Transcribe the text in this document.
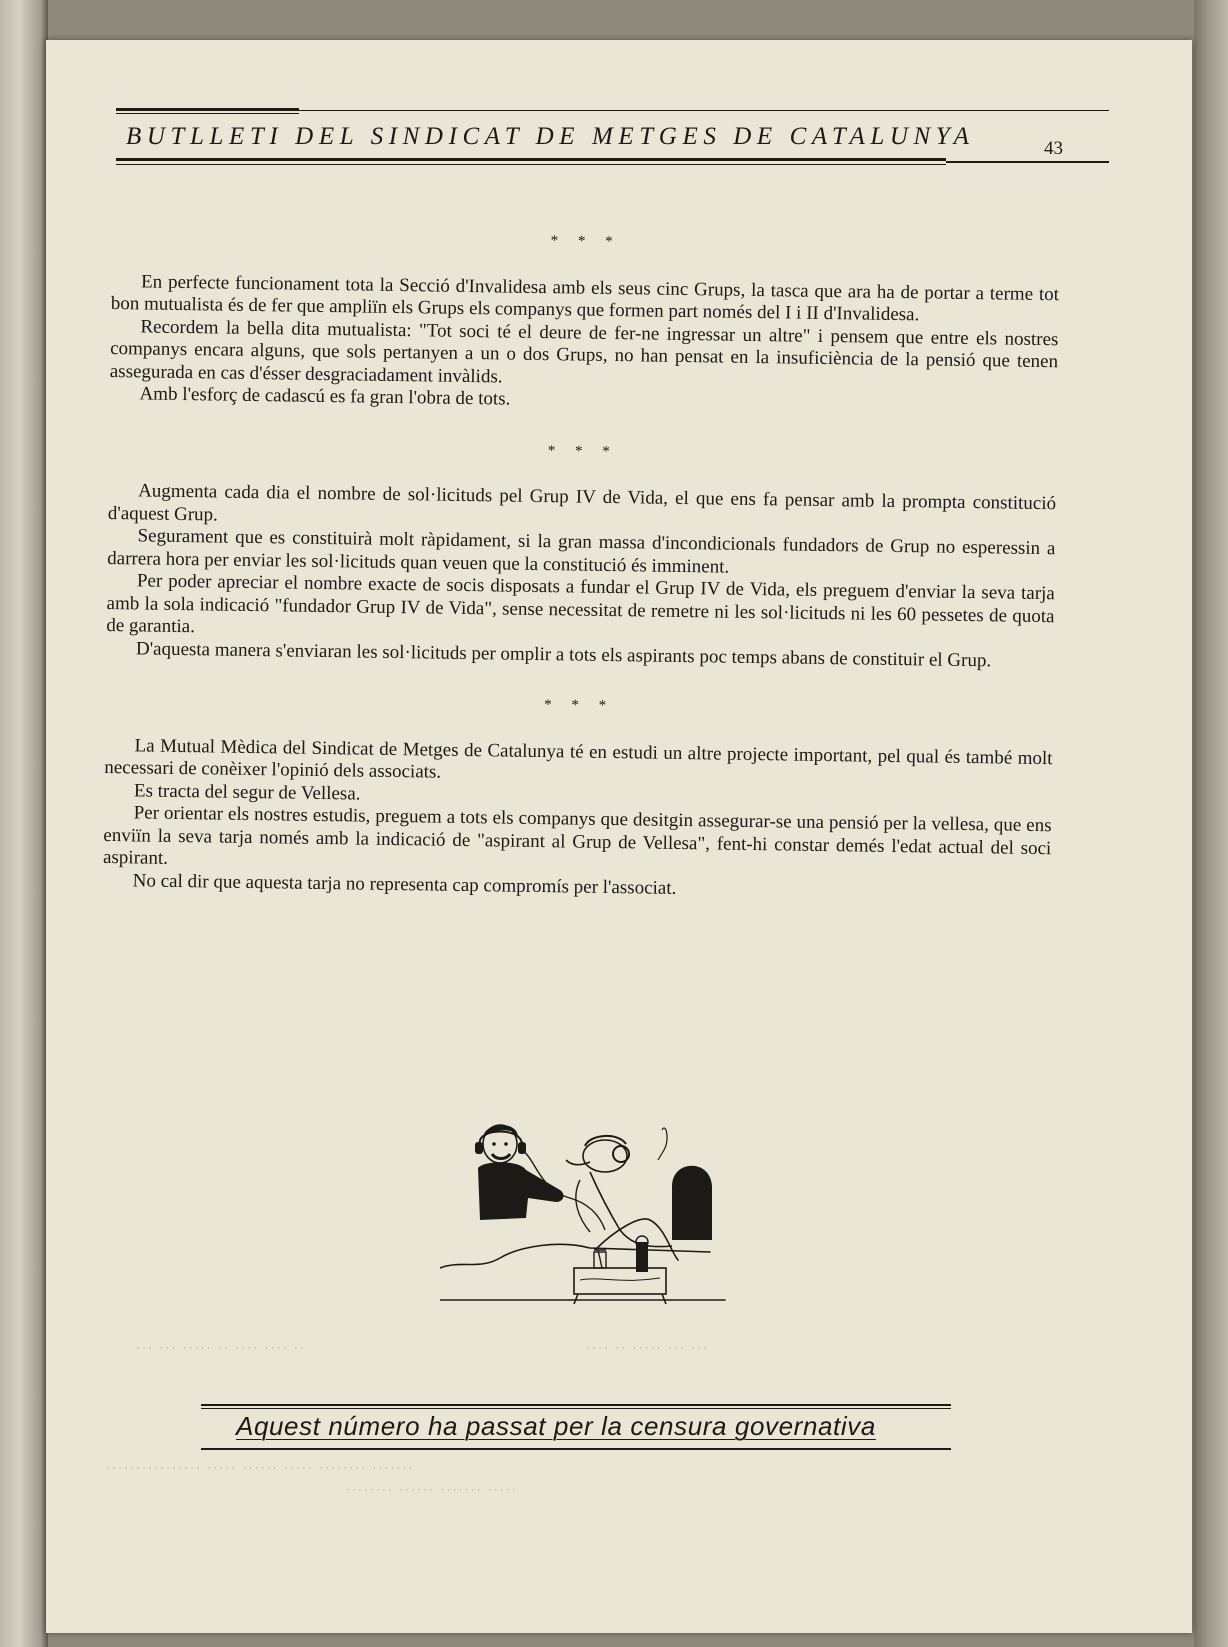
BUTLLETI DEL SINDICAT DE METGES DE CATALUNYA	43
* * *

En perfecte funcionament tota la Secció d'Invalidesa amb els seus cinc Grups, la tasca que ara ha de portar a terme tot bon mutualista és de fer que ampliïn els Grups els companys que formen part només del I i II d'Invalidesa.

Recordem la bella dita mutualista: "Tot soci té el deure de fer-ne ingressar un altre" i pensem que entre els nostres companys encara alguns, que sols pertanyen a un o dos Grups, no han pensat en la insuficiència de la pensió que tenen assegurada en cas d'ésser desgraciadament invàlids.

Amb l'esforç de cadascú es fa gran l'obra de tots.

* * *

Augmenta cada dia el nombre de sol·licituds pel Grup IV de Vida, el que ens fa pensar amb la prompta constitució d'aquest Grup.

Segurament que es constituirà molt ràpidament, si la gran massa d'incondicionals fundadors de Grup no esperessin a darrera hora per enviar les sol·licituds quan veuen que la constitució és imminent.

Per poder apreciar el nombre exacte de socis disposats a fundar el Grup IV de Vida, els preguem d'enviar la seva tarja amb la sola indicació "fundador Grup IV de Vida", sense necessitat de remetre ni les sol·licituds ni les 60 pessetes de quota de garantia.

D'aquesta manera s'enviaran les sol·licituds per omplir a tots els aspirants poc temps abans de constituir el Grup.

* * *

La Mutual Mèdica del Sindicat de Metges de Catalunya té en estudi un altre projecte important, pel qual és també molt necessari de conèixer l'opinió dels associats.

Es tracta del segur de Vellesa.

Per orientar els nostres estudis, preguem a tots els companys que desitgin assegurar-se una pensió per la vellesa, que ens enviïn la seva tarja només amb la indicació de "aspirant al Grup de Vellesa", fent-hi constar demés l'edat actual del soci aspirant.

No cal dir que aquesta tarja no representa cap compromís per l'associat.

··· ··· ····· ·· ···· ···· ··	···· ·· ····· ··· ···
Aquest número ha passat per la censura governativa
················ ····· ······ ····· ········ ·······
········ ······ ······· ·····
